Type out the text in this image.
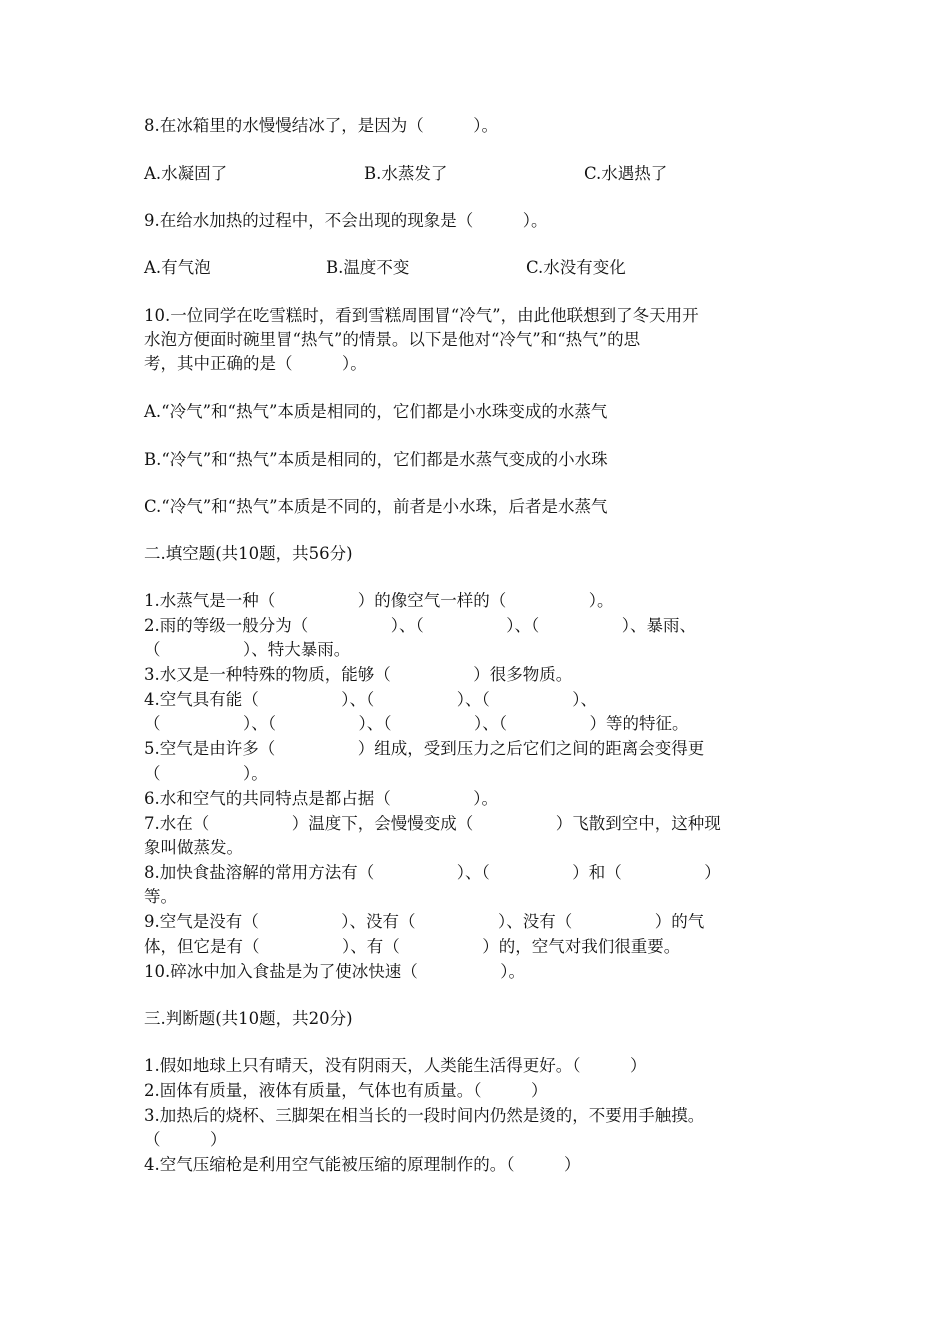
8.在冰箱里的水慢慢结冰了，是因为（　　　）。
A.水凝固了	B.水蒸发了	C.水遇热了
9.在给水加热的过程中，不会出现的现象是（　　　）。
A.有气泡	B.温度不变	C.水没有变化
10.一位同学在吃雪糕时，看到雪糕周围冒“冷气”，由此他联想到了冬天用开
水泡方便面时碗里冒“热气”的情景。以下是他对“冷气”和“热气”的思
考，其中正确的是（　　　）。
A.“冷气”和“热气”本质是相同的，它们都是小水珠变成的水蒸气
B.“冷气”和“热气”本质是相同的，它们都是水蒸气变成的小水珠
C.“冷气”和“热气”本质是不同的，前者是小水珠，后者是水蒸气
二.填空题(共10题，共56分)
1.水蒸气是一种（　　　　　）的像空气一样的（　　　　　）。
2.雨的等级一般分为（　　　　　）、（　　　　　）、（　　　　　）、暴雨、
（　　　　　）、特大暴雨。
3.水又是一种特殊的物质，能够（　　　　　）很多物质。
4.空气具有能（　　　　　）、（　　　　　）、（　　　　　）、
（　　　　　）、（　　　　　）、（　　　　　）、（　　　　　）等的特征。
5.空气是由许多（　　　　　）组成，受到压力之后它们之间的距离会变得更
（　　　　　）。
6.水和空气的共同特点是都占据（　　　　　）。
7.水在（　　　　　）温度下，会慢慢变成（　　　　　）飞散到空中，这种现
象叫做蒸发。
8.加快食盐溶解的常用方法有（　　　　　）、（　　　　　）和（　　　　　）
等。
9.空气是没有（　　　　　）、没有（　　　　　）、没有（　　　　　）的气
体，但它是有（　　　　　）、有（　　　　　）的，空气对我们很重要。
10.碎冰中加入食盐是为了使冰快速（　　　　　）。
三.判断题(共10题，共20分)
1.假如地球上只有晴天，没有阴雨天，人类能生活得更好。（　　　）
2.固体有质量，液体有质量，气体也有质量。（　　　）
3.加热后的烧杯、三脚架在相当长的一段时间内仍然是烫的，不要用手触摸。
（　　　）
4.空气压缩枪是利用空气能被压缩的原理制作的。（　　　）
